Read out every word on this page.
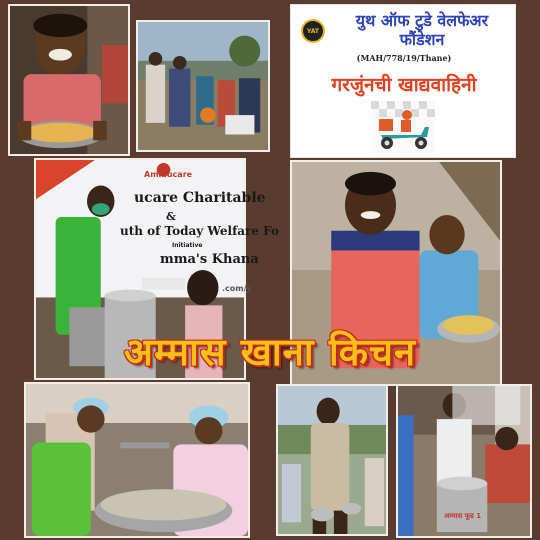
YAT
युथ ऑफ टुडे वेलफेअर फौंडेशन
(MAH/778/19/Thane)
गरजुंनची खाद्यवाहिनी
Ammucare
ucare Charitable
&
uth of Today Welfare Fo
Initiative
mma's Khana
.com/y
अम्मास फूड 1
अम्मास खाना किचन
